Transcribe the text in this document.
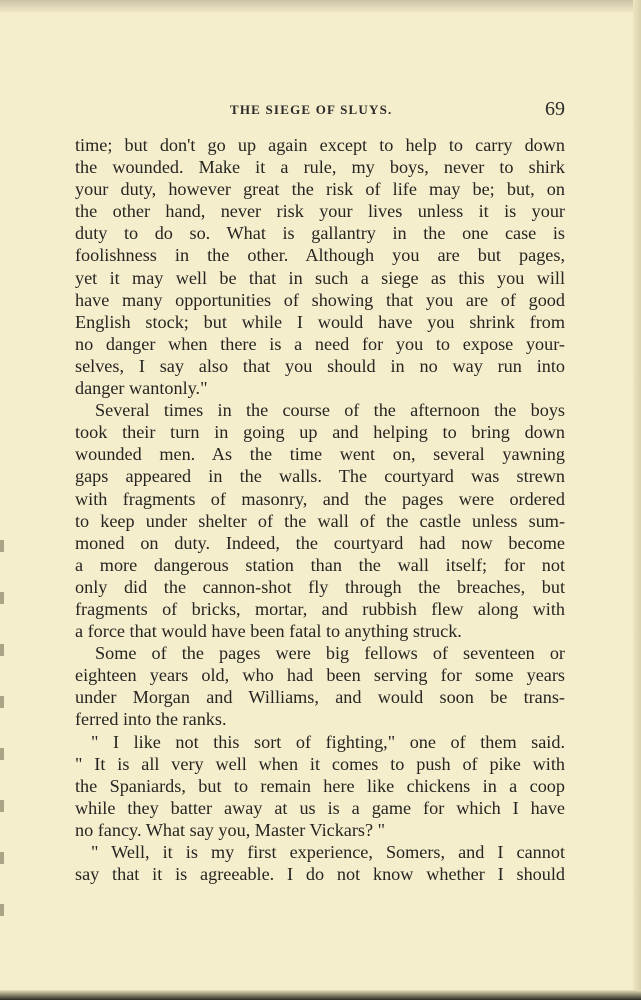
THE SIEGE OF SLUYS.	69
time; but don't go up again except to help to carry down
the wounded. Make it a rule, my boys, never to shirk
your duty, however great the risk of life may be; but, on
the other hand, never risk your lives unless it is your
duty to do so. What is gallantry in the one case is
foolishness in the other. Although you are but pages,
yet it may well be that in such a siege as this you will
have many opportunities of showing that you are of good
English stock; but while I would have you shrink from
no danger when there is a need for you to expose your-
selves, I say also that you should in no way run into
danger wantonly."
Several times in the course of the afternoon the boys
took their turn in going up and helping to bring down
wounded men. As the time went on, several yawning
gaps appeared in the walls. The courtyard was strewn
with fragments of masonry, and the pages were ordered
to keep under shelter of the wall of the castle unless sum-
moned on duty. Indeed, the courtyard had now become
a more dangerous station than the wall itself; for not
only did the cannon-shot fly through the breaches, but
fragments of bricks, mortar, and rubbish flew along with
a force that would have been fatal to anything struck.
Some of the pages were big fellows of seventeen or
eighteen years old, who had been serving for some years
under Morgan and Williams, and would soon be trans-
ferred into the ranks.
" I like not this sort of fighting," one of them said.
" It is all very well when it comes to push of pike with
the Spaniards, but to remain here like chickens in a coop
while they batter away at us is a game for which I have
no fancy. What say you, Master Vickars? "
" Well, it is my first experience, Somers, and I cannot
say that it is agreeable. I do not know whether I should
